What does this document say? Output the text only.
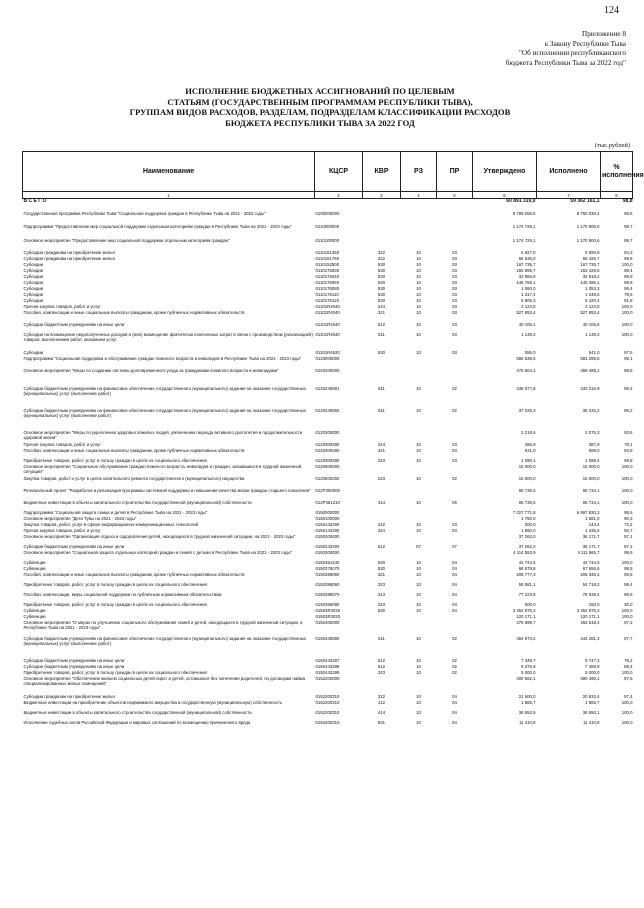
124
Приложение 8
к Закону Республики Тыва
"Об исполнении республиканского
бюджета Республики Тыва за 2022 год"
ИСПОЛНЕНИЕ БЮДЖЕТНЫХ АССИГНОВАНИЙ ПО ЦЕЛЕВЫМ
СТАТЬЯМ (ГОСУДАРСТВЕННЫМ ПРОГРАММАМ РЕСПУБЛИКИ ТЫВА),
ГРУППАМ ВИДОВ РАСХОДОВ, РАЗДЕЛАМ, ПОДРАЗДЕЛАМ КЛАССИФИКАЦИИ РАСХОДОВ
БЮДЖЕТА РЕСПУБЛИКИ ТЫВА ЗА 2022 ГОД
(тыс.рублей)
Наименование	КЦСР	КВР	РЗ	ПР	Утверждено	Исполнено	% исполнения
1	2	3	4	5	6	7	8
В С Е Г О					60 891 319,0	59 362 161,1	98,8
Государственная программа Республики Тыва "Социальная поддержка граждан в Республике Тыва на 2021 - 2023 годы"	0100000000				8 789 059,5	8 750 030,4	99,6
Подпрограмма "Предоставление мер социальной поддержки отдельным категориям граждан в Республике Тыва на 2021 - 2023 годы"	0110000000				1 174 729,1	1 170 900,6	99,7
Основное мероприятие "Предоставление мер социальной поддержки отдельным категориям граждан"	0110100000				1 174 729,1	1 170 900,6	99,7
Субсидии гражданам на приобретение жилья	0110151350	322	10	03	5 927,0	5 590,8	94,3
Субсидии гражданам на приобретение жилья	0110151760	322	10	03	66 535,0	66 425,7	99,8
Субсидии	0110152500	530	10	03	167 735,7	167 735,7	100,0
Субсидии	0110176030	530	10	03	155 896,7	153 429,5	98,4
Субсидии	0110176040	530	10	03	32 956,8	32 918,2	99,9
Субсидии	0110176060	530	10	03	145 768,1	145 496,1	99,8
Субсидии	0110176080	530	10	03	1 060,0	1 053,3	99,4
Субсидии	0110176110	530	10	03	1 317,4	1 048,6	79,6
Субсидии	0110176120	530	10	03	5 905,3	5 420,4	91,8
Прочая закупка товаров, работ и услуг	01101R4040	244	10	03	2 123,0	2 123,0	100,0
Пособия, компенсации и иные социальные выплаты гражданам, кроме публичных нормативных обязательств	01101R4040	321	10	03	527 853,4	527 853,4	100,0
Субсидии бюджетным учреждениям на иные цели	01101R4040	612	10	03	40 106,1	40 105,6	100,0
Субсидии на возмещение недополученных доходов и (или) возмещение фактически понесенных затрат в связи с производством (реализацией) товаров, выполнением работ, оказанием услуг	01101R4040	811	10	03	1 139,3	1 139,3	100,0
Субсидии	01101R4620	530	10	03	555,0	541,0	97,5
Подпрограмма "Социальная поддержка и обслуживание граждан пожилого возраста и инвалидов в Республике Тыва на 2021 - 2023 годы"	0120000000				586 538,6	581 299,5	99,1
Основное мероприятие "Меры по созданию системы долговременного ухода за гражданами пожилого возраста и инвалидами"	0120200000				475 604,1	468 499,1	98,5
Субсидии бюджетным учреждениям на финансовое обеспечение государственного (муниципального) задания на оказание государственных (муниципальных) услуг (выполнение работ)	0120240591	611	10	02	438 577,8	433 216,9	99,2
Субсидии бюджетным учреждениям на финансовое обеспечение государственного (муниципального) задания на оказание государственных (муниципальных) услуг (выполнение работ)	0120240592	611	10	02	37 026,3	35 232,2	95,2
Основное мероприятие "Меры по укреплению здоровья пожилых людей, увеличению периода активного долголетия и продолжительности здоровой жизни"	0120300000				2 218,6	2 075,3	93,6
Прочая закупка товаров, работ и услуг	0120300280	244	10	03	496,9	387,9	78,1
Пособия, компенсации и иные социальные выплаты гражданам, кроме публичных нормативных обязательств	0120300280	321	10	03	631,0	599,0	94,9
Приобретение товаров, работ, услуг в пользу граждан в целях их социального обеспечения	0120300280	323	10	03	1 090,1	1 088,4	99,8
Основное мероприятие "Социальное обслуживание граждан пожилого возраста, инвалидов и граждан, оказавшихся в трудной жизненной ситуации"	0120500000				15 000,0	15 000,0	100,0
Закупка товаров, работ и услуг в целях капитального ремонта государственного (муниципального) имущества	0120500250	243	10	02	15 000,0	15 000,0	100,0
Региональный проект "Разработка и реализация программы системной поддержки и повышения качества жизни граждан старшего поколения"	012P300000				95 736,5	95 734,1	100,0
Бюджетные инвестиции в объекты капитального строительства государственной (муниципальной) собственности	012P351210	414	10	06	95 736,5	95 734,1	100,0
Подпрограмма "Социальная защита семьи и детей в Республике Тыва на 2021 - 2023 годы"	0150000000				7 027 771,8	6 997 830,3	99,6
Основное мероприятие "Дети Тувы на 2021 - 2023 годы"	0150100000				1 750,0	1 581,0	90,3
Закупка товаров, работ, услуг в сфере информационно-коммуникационных технологий	0150142290	242	10	03	200,0	144,4	72,2
Прочая закупка товаров, работ и услуг	0150142290	244	10	03	1 550,0	1 436,6	92,7
Основное мероприятие "Организация отдыха и оздоровления детей, находящихся в трудной жизненной ситуации, на 2021 - 2023 годы"	0150200000				37 262,0	36 171,7	97,1
Субсидии бюджетным учреждениям на иные цели	0150243200	612	07	07	37 262,0	36 171,7	97,1
Основное мероприятие "Социальная защита отдельных категорий граждан и семей с детьми в Республике Тыва на 2021 - 2023 годы"	0150300000				4 114 553,9	4 111 565,7	99,9
Субвенции	0150351440	530	10	04	42 744,5	42 744,5	100,0
Субвенции	0150376070	530	10	04	68 679,8	67 656,6	98,5
Пособия, компенсации и иные социальные выплаты гражданам, кроме публичных нормативных обязательств	0150389060	321	10	04	206 777,3	206 348,4	99,8
Приобретение товаров, работ, услуг в пользу граждан в целях их социального обеспечения	0150389060	323	10	04	55 581,1	54 718,2	98,4
Пособия, компенсации, меры социальной поддержки по публичным нормативным обязательствам	0150389070	313	10	04	77 223,8	76 938,4	99,6
Приобретение товаров, работ, услуг в пользу граждан в целях их социального обеспечения	0150389080	323	10	04	500,0	150,0	30,0
Субвенции	01503R3020	530	10	04	3 452 876,3	3 452 876,3	100,0
Субвенции	01503R3020				120 171,1	120 171,1	100,0
Основное мероприятие "О мерах по улучшению социального обслуживания семей и детей, находящихся в трудной жизненной ситуации, в Республике Тыва на 2021 - 2023 годы"	0150400000				475 698,7	462 518,4	97,2
Субсидии бюджетным учреждениям на финансовое обеспечение государственного (муниципального) задания на оказание государственных (муниципальных) услуг (выполнение работ)	0150440590	611	10	02	454 973,2	444 281,3	97,7
Субсидии бюджетным учреждениям на иные цели	0150442287	612	10	02	7 349,7	5 747,3	78,2
Субсидии бюджетным учреждениям на иные цели	0150442288	612	10	02	8 375,8	7 489,8	89,4
Приобретение товаров, работ, услуг в пользу граждан в целях их социального обеспечения	0150442289	323	10	02	5 000,0	5 000,0	100,0
Основное мероприятие "Обеспечение жильем социальных детей-сирот и детей, оставшихся без попечения родителей, по договорам найма специализированных жилых помещений"	0152200000				400 682,1	390 490,1	97,5
Субсидии гражданам на приобретение жилья	0152200310	322	10	04	21 500,0	20 933,4	97,4
Бюджетные инвестиции на приобретение объектов недвижимого имущества в государственную (муниципальную) собственность	0152200310	412	10	04	1 865,7	1 865,7	100,0
Бюджетные инвестиции в объекты капитального строительства государственной (муниципальной) собственности	0152200310	414	10	04	36 552,5	36 550,1	100,0
Исполнение судебных актов Российской Федерации и мировых соглашений по возмещению причиненного вреда	0152200310	831	10	04	11 410,8	11 410,8	100,0
